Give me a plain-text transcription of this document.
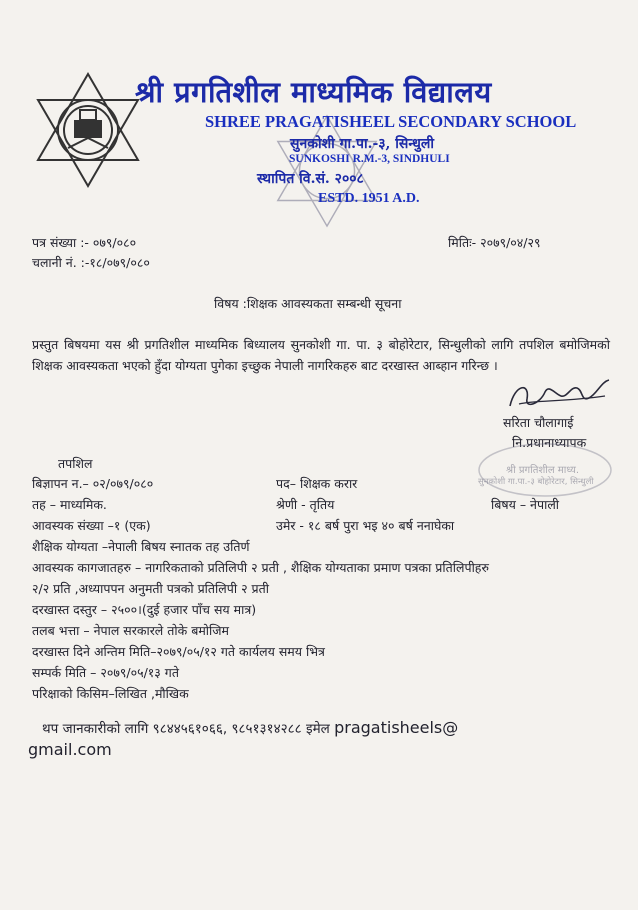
श्री प्रगतिशील माध्यमिक विद्यालय
SHREE PRAGATISHEEL SECONDARY SCHOOL
सुनकोशी गा.पा.-३, सिन्धुली
SUNKOSHI R.M.-3, SINDHULI
स्थापित वि.सं. २००८
ESTD. 1951 A.D.
पत्र संख्या :- ०७९/०८०
चलानी नं. :-१८/०७९/०८०
मितिः- २०७९/०४/२९
विषय :शिक्षक आवस्यकता सम्बन्धी सूचना
प्रस्तुत बिषयमा यस श्री प्रगतिशील माध्यमिक बिध्यालय सुनकोशी गा. पा. ३ बोहोरेटार, सिन्धुलीको लागि तपशिल बमोजिमको शिक्षक आवस्यकता भएको हुँदा योग्यता पुगेका इच्छुक नेपाली नागरिकहरु बाट दरखास्त आब्हान गरिन्छ ।
सरिता चौलागाई
नि.प्रधानाध्यापक
श्री प्रगतिशील माध्य.
सुनकोशी गा.पा.-३ बोहोरेटार, सिन्धुली
तपशिल
बिज्ञापन न.– ०२/०७९/०८०	पद– शिक्षक करार
तह – माध्यमिक.	श्रेणी - तृतिय	बिषय – नेपाली
आवस्यक संख्या –१ (एक)	उमेर - १८ बर्ष पुरा भइ ४० बर्ष ननाघेका
शैक्षिक योग्यता –नेपाली बिषय स्नातक तह उतिर्ण
आवस्यक कागजातहरु – नागरिकताको प्रतिलिपी २ प्रती , शैक्षिक योग्यताका प्रमाण पत्रका प्रतिलिपीहरु
२/२ प्रति ,अध्यापपन अनुमती पत्रको प्रतिलिपी २ प्रती
दरखास्त दस्तुर – २५००।(दुई हजार पाँच सय मात्र)
तलब भत्ता – नेपाल सरकारले तोके बमोजिम
दरखास्त दिने अन्तिम मिति–२०७९/०५/१२ गते कार्यलय समय भित्र
सम्पर्क मिति – २०७९/०५/१३ गते
परिक्षाको किसिम–लिखित ,मौखिक
थप जानकारीको लागि ९८४४५६१०६६, ९८५१३१४२८८ इमेल pragatisheels@
gmail.com
